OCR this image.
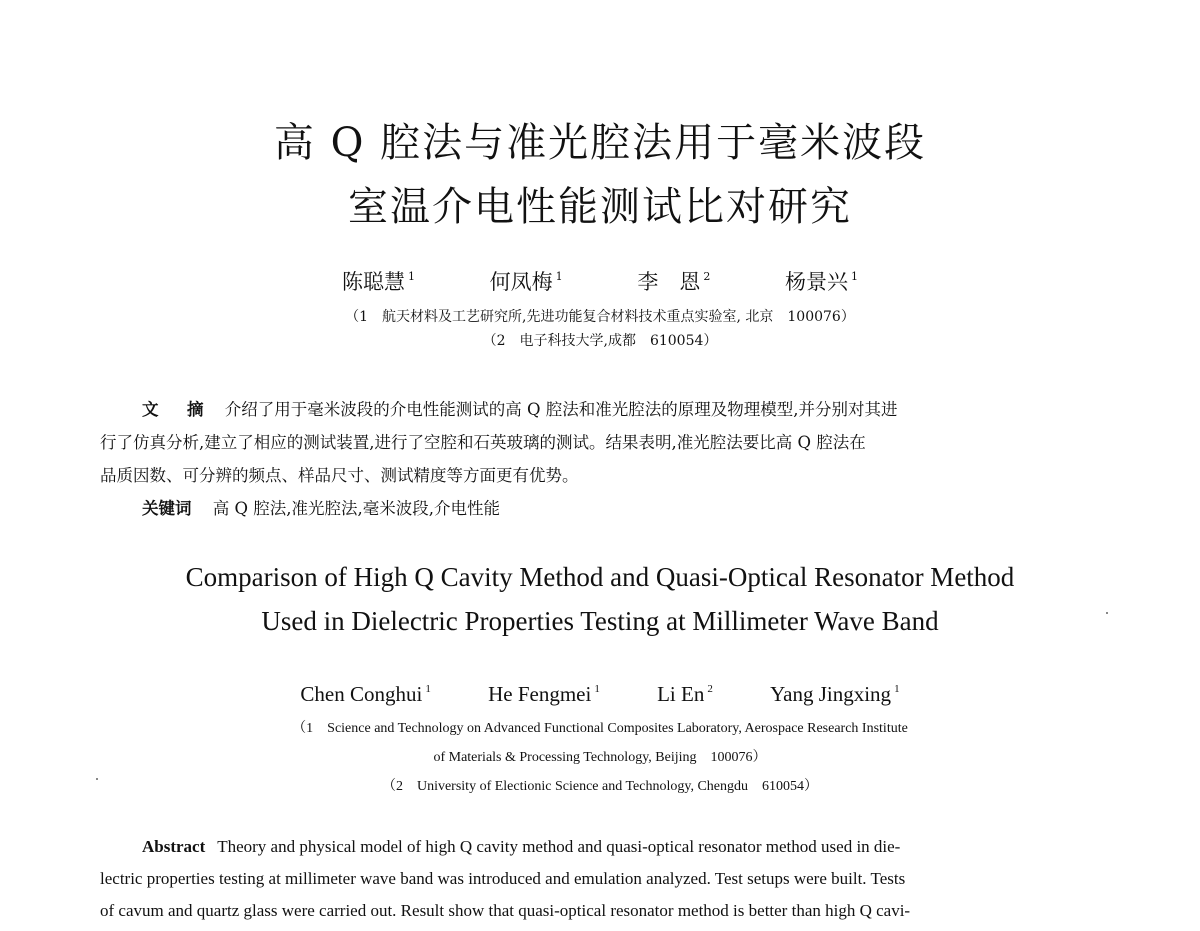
高 Q 腔法与准光腔法用于毫米波段
室温介电性能测试比对研究
陈聪慧 $^1$	何凤梅 $^1$	李　恩 $^2$	杨景兴 $^1$
（1　航天材料及工艺研究所,先进功能复合材料技术重点实验室, 北京　100076）
（2　电子科技大学,成都　610054）
文　摘 介绍了用于毫米波段的介电性能测试的高 Q 腔法和准光腔法的原理及物理模型,并分别对其进
行了仿真分析,建立了相应的测试装置,进行了空腔和石英玻璃的测试。结果表明,准光腔法要比高 Q 腔法在
品质因数、可分辨的频点、样品尺寸、测试精度等方面更有优势。
关键词 高 Q 腔法,准光腔法,毫米波段,介电性能
Comparison of High Q Cavity Method and Quasi-Optical Resonator Method
Used in Dielectric Properties Testing at Millimeter Wave Band
Chen Conghui $^1$	He Fengmei $^1$	Li En $^2$	Yang Jingxing $^1$
（1　Science and Technology on Advanced Functional Composites Laboratory, Aerospace Research Institute
of Materials & Processing Technology, Beijing　100076）
（2　University of Electionic Science and Technology, Chengdu　610054）
Abstract Theory and physical model of high Q cavity method and quasi-optical resonator method used in die-
lectric properties testing at millimeter wave band was introduced and emulation analyzed. Test setups were built. Tests
of cavum and quartz glass were carried out. Result show that quasi-optical resonator method is better than high Q cavi-
